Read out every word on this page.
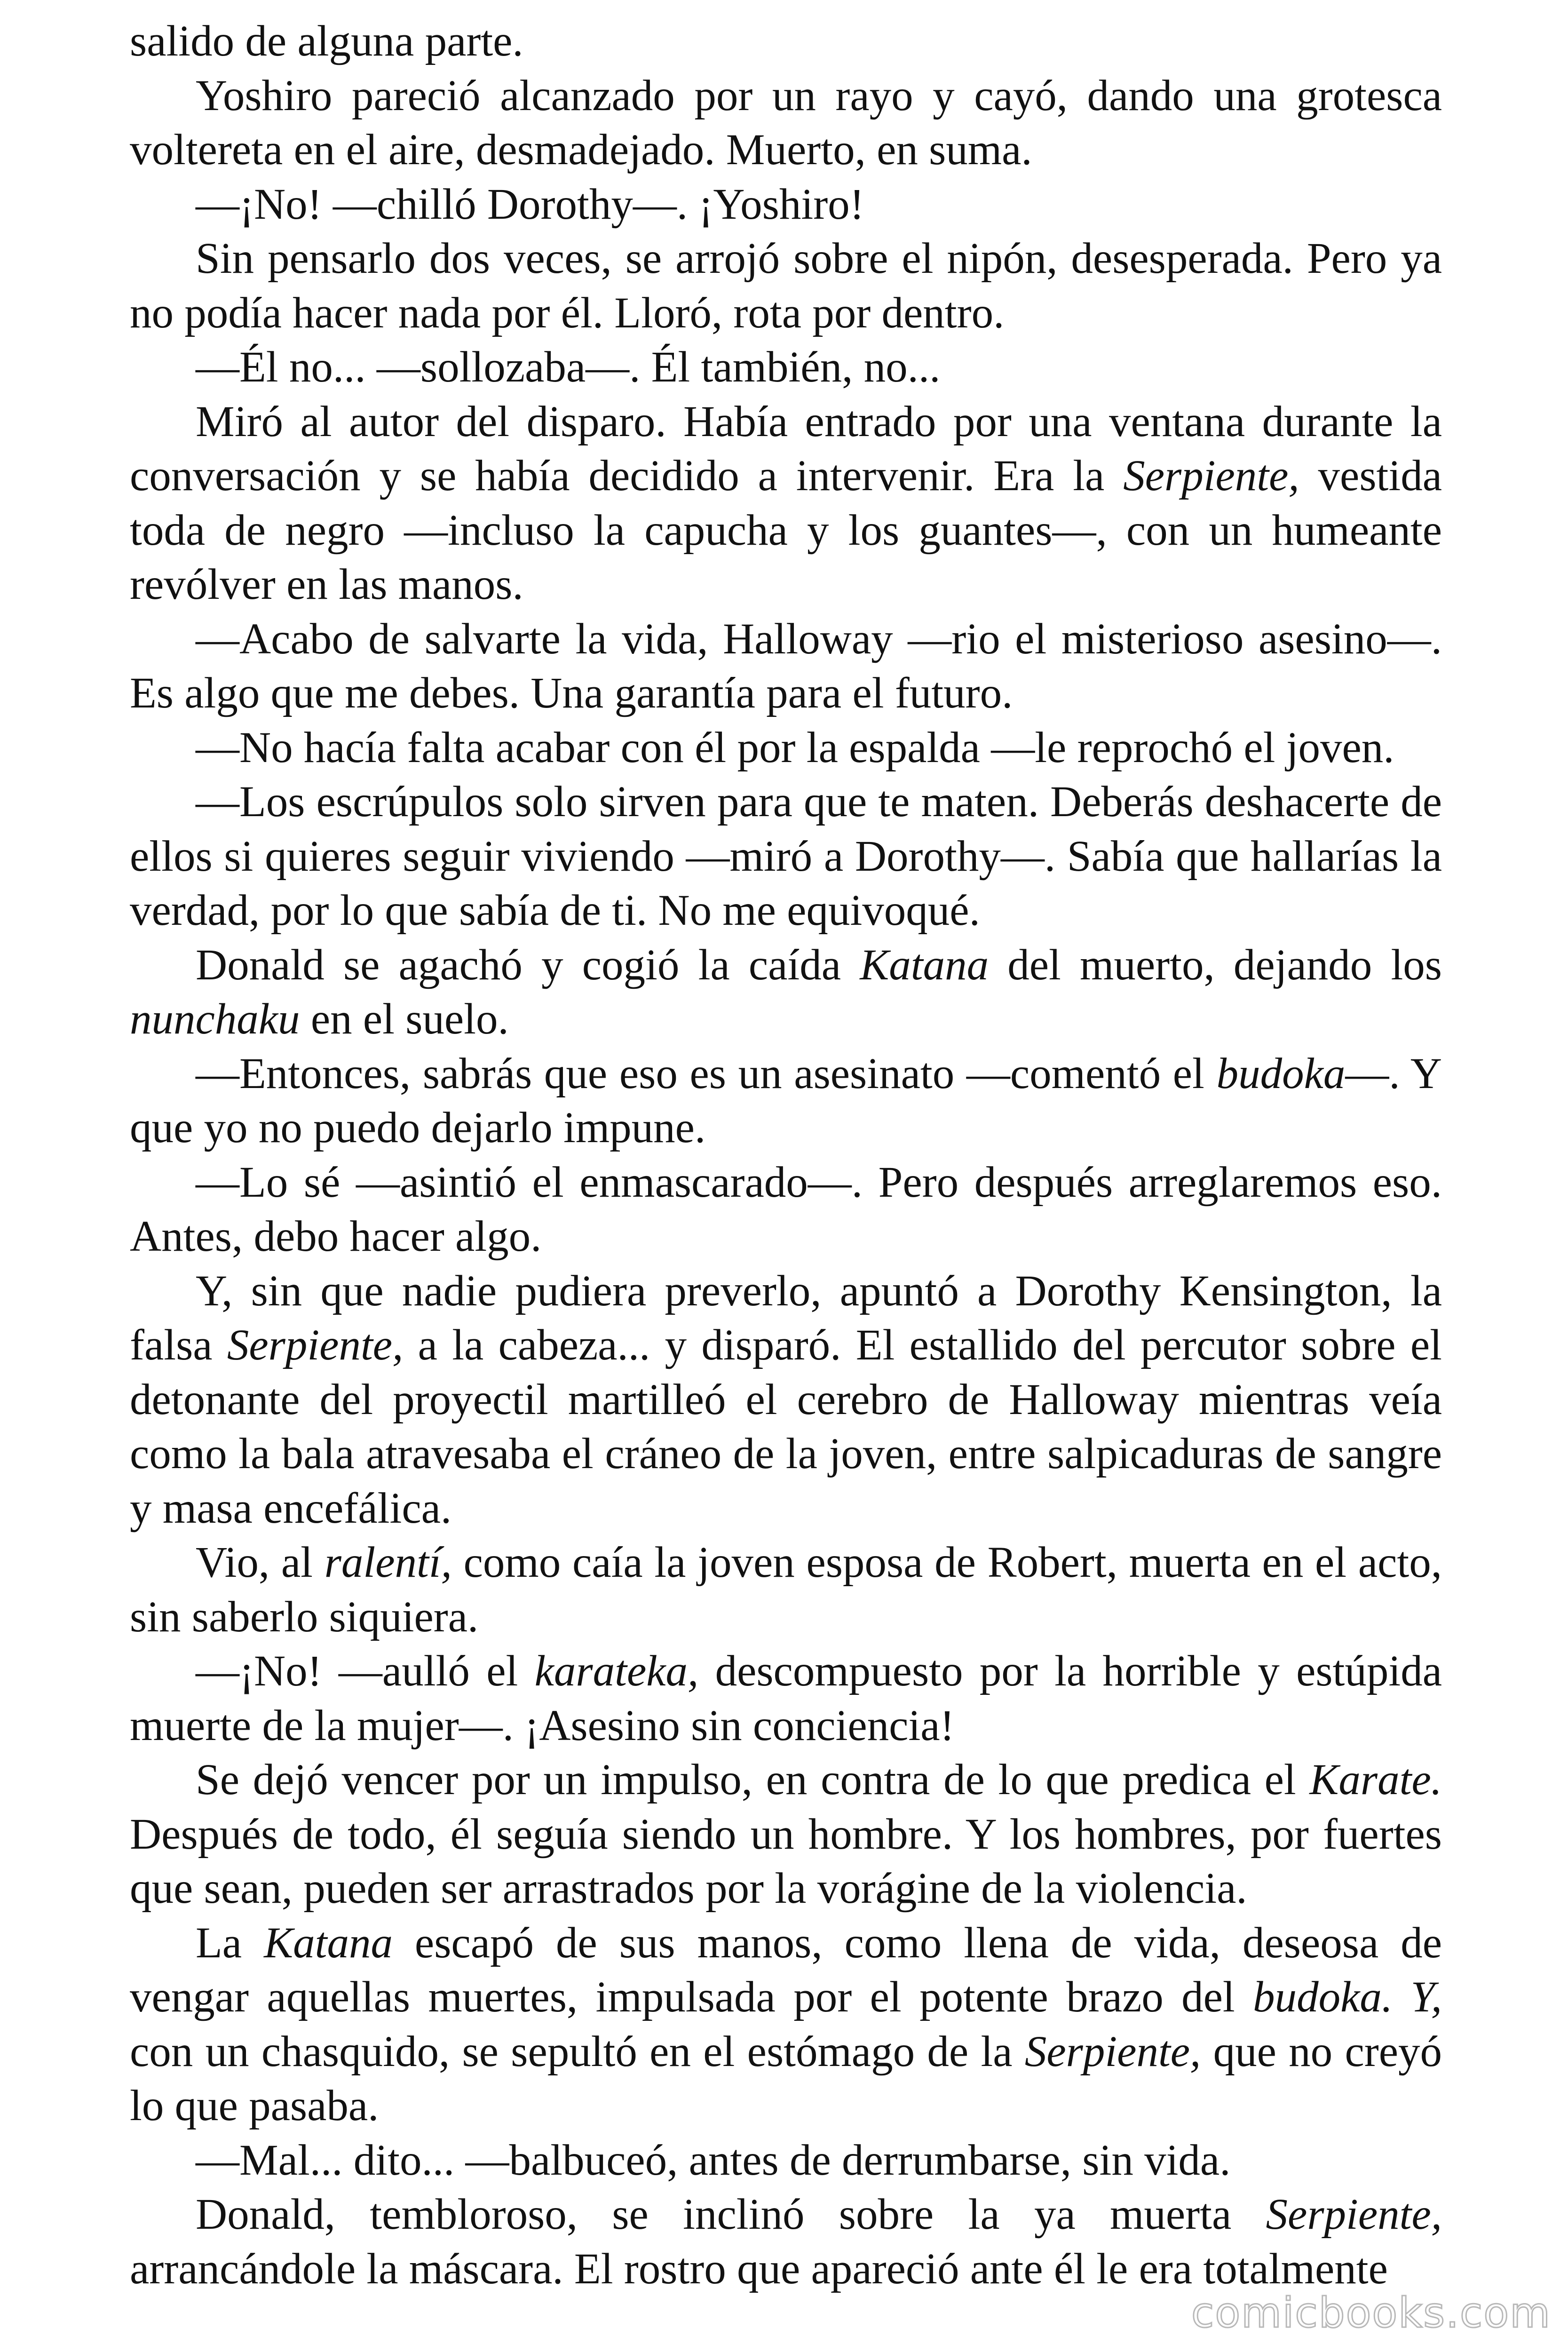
salido de alguna parte.

Yoshiro pareció alcanzado por un rayo y cayó, dando una grotesca voltereta en el aire, desmadejado. Muerto, en suma.

—¡No! —chilló Dorothy—. ¡Yoshiro!

Sin pensarlo dos veces, se arrojó sobre el nipón, desesperada. Pero ya no podía hacer nada por él. Lloró, rota por dentro.

—Él no... —sollozaba—. Él también, no...

Miró al autor del disparo. Había entrado por una ventana durante la conversación y se había decidido a intervenir. Era la Serpiente, vestida toda de negro —incluso la capucha y los guantes—, con un humeante revólver en las manos.

—Acabo de salvarte la vida, Halloway —rio el misterioso asesino—. Es algo que me debes. Una garantía para el futuro.

—No hacía falta acabar con él por la espalda —le reprochó el joven.

—Los escrúpulos solo sirven para que te maten. Deberás deshacerte de ellos si quieres seguir viviendo —miró a Dorothy—. Sabía que hallarías la verdad, por lo que sabía de ti. No me equivoqué.

Donald se agachó y cogió la caída Katana del muerto, dejando los nunchaku en el suelo.

—Entonces, sabrás que eso es un asesinato —comentó el budoka—. Y que yo no puedo dejarlo impune.

—Lo sé —asintió el enmascarado—. Pero después arreglaremos eso. Antes, debo hacer algo.

Y, sin que nadie pudiera preverlo, apuntó a Dorothy Kensington, la falsa Serpiente, a la cabeza... y disparó. El estallido del percutor sobre el detonante del proyectil martilleó el cerebro de Halloway mientras veía como la bala atravesaba el cráneo de la joven, entre salpicaduras de sangre y masa encefálica.

Vio, al ralentí, como caía la joven esposa de Robert, muerta en el acto, sin saberlo siquiera.

—¡No! —aulló el karateka, descompuesto por la horrible y estúpida muerte de la mujer—. ¡Asesino sin conciencia!

Se dejó vencer por un impulso, en contra de lo que predica el Karate. Después de todo, él seguía siendo un hombre. Y los hombres, por fuertes que sean, pueden ser arrastrados por la vorágine de la violencia.

La Katana escapó de sus manos, como llena de vida, deseosa de vengar aquellas muertes, impulsada por el potente brazo del budoka. Y, con un chasquido, se sepultó en el estómago de la Serpiente, que no creyó lo que pasaba.

—Mal... dito... —balbuceó, antes de derrumbarse, sin vida.

Donald, tembloroso, se inclinó sobre la ya muerta Serpiente, arrancándole la máscara. El rostro que apareció ante él le era totalmente

comicbooks.com
